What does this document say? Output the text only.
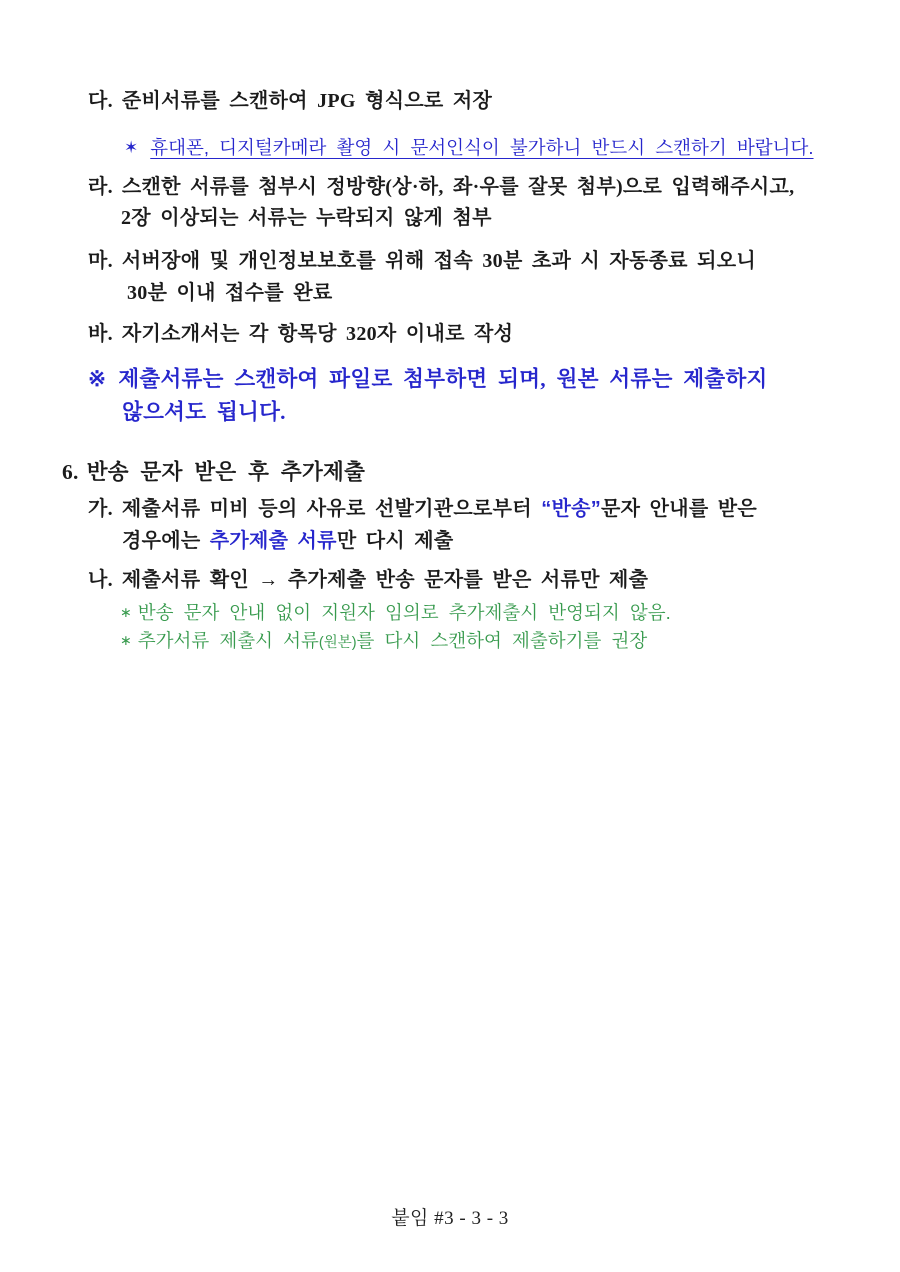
다. 준비서류를 스캔하여 JPG 형식으로 저장
✶ 휴대폰, 디지털카메라 촬영 시 문서인식이 불가하니 반드시 스캔하기 바랍니다.
라. 스캔한 서류를 첨부시 정방향(상·하, 좌·우를 잘못 첨부)으로 입력해주시고,
2장 이상되는 서류는 누락되지 않게 첨부
마. 서버장애 및 개인정보보호를 위해 접속 30분 초과 시 자동종료 되오니
30분 이내 접수를 완료
바. 자기소개서는 각 항목당 320자 이내로 작성
※ 제출서류는 스캔하여 파일로 첨부하면 되며, 원본 서류는 제출하지
않으셔도 됩니다.
6. 반송 문자 받은 후 추가제출
가. 제출서류 미비 등의 사유로 선발기관으로부터 “반송”문자 안내를 받은
경우에는 추가제출 서류만 다시 제출
나. 제출서류 확인 → 추가제출 반송 문자를 받은 서류만 제출
∗ 반송 문자 안내 없이 지원자 임의로 추가제출시 반영되지 않음.
∗ 추가서류 제출시 서류(원본)를 다시 스캔하여 제출하기를 권장
붙임 #3 - 3 - 3
